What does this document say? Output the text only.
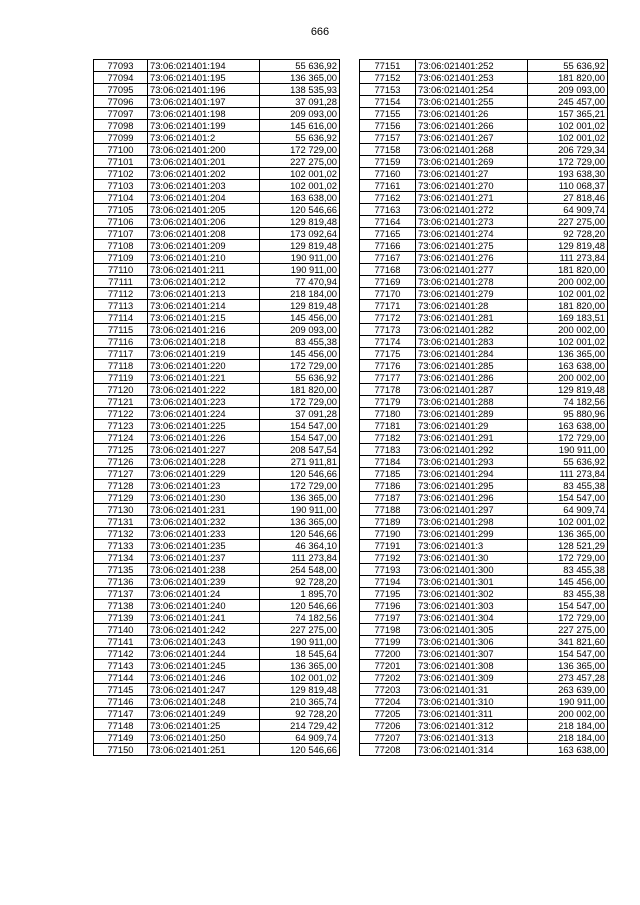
666
77093	73:06:021401:194	55 636,92
77094	73:06:021401:195	136 365,00
77095	73:06:021401:196	138 535,93
77096	73:06:021401:197	37 091,28
77097	73:06:021401:198	209 093,00
77098	73:06:021401:199	145 616,00
77099	73:06:021401:2	55 636,92
77100	73:06:021401:200	172 729,00
77101	73:06:021401:201	227 275,00
77102	73:06:021401:202	102 001,02
77103	73:06:021401:203	102 001,02
77104	73:06:021401:204	163 638,00
77105	73:06:021401:205	120 546,66
77106	73:06:021401:206	129 819,48
77107	73:06:021401:208	173 092,64
77108	73:06:021401:209	129 819,48
77109	73:06:021401:210	190 911,00
77110	73:06:021401:211	190 911,00
77111	73:06:021401:212	77 470,94
77112	73:06:021401:213	218 184,00
77113	73:06:021401:214	129 819,48
77114	73:06:021401:215	145 456,00
77115	73:06:021401:216	209 093,00
77116	73:06:021401:218	83 455,38
77117	73:06:021401:219	145 456,00
77118	73:06:021401:220	172 729,00
77119	73:06:021401:221	55 636,92
77120	73:06:021401:222	181 820,00
77121	73:06:021401:223	172 729,00
77122	73:06:021401:224	37 091,28
77123	73:06:021401:225	154 547,00
77124	73:06:021401:226	154 547,00
77125	73:06:021401:227	208 547,54
77126	73:06:021401:228	271 911,81
77127	73:06:021401:229	120 546,66
77128	73:06:021401:23	172 729,00
77129	73:06:021401:230	136 365,00
77130	73:06:021401:231	190 911,00
77131	73:06:021401:232	136 365,00
77132	73:06:021401:233	120 546,66
77133	73:06:021401:235	46 364,10
77134	73:06:021401:237	111 273,84
77135	73:06:021401:238	254 548,00
77136	73:06:021401:239	92 728,20
77137	73:06:021401:24	1 895,70
77138	73:06:021401:240	120 546,66
77139	73:06:021401:241	74 182,56
77140	73:06:021401:242	227 275,00
77141	73:06:021401:243	190 911,00
77142	73:06:021401:244	18 545,64
77143	73:06:021401:245	136 365,00
77144	73:06:021401:246	102 001,02
77145	73:06:021401:247	129 819,48
77146	73:06:021401:248	210 365,74
77147	73:06:021401:249	92 728,20
77148	73:06:021401:25	214 729,42
77149	73:06:021401:250	64 909,74
77150	73:06:021401:251	120 546,66
77151	73:06:021401:252	55 636,92
77152	73:06:021401:253	181 820,00
77153	73:06:021401:254	209 093,00
77154	73:06:021401:255	245 457,00
77155	73:06:021401:26	157 365,21
77156	73:06:021401:266	102 001,02
77157	73:06:021401:267	102 001,02
77158	73:06:021401:268	206 729,34
77159	73:06:021401:269	172 729,00
77160	73:06:021401:27	193 638,30
77161	73:06:021401:270	110 068,37
77162	73:06:021401:271	27 818,46
77163	73:06:021401:272	64 909,74
77164	73:06:021401:273	227 275,00
77165	73:06:021401:274	92 728,20
77166	73:06:021401:275	129 819,48
77167	73:06:021401:276	111 273,84
77168	73:06:021401:277	181 820,00
77169	73:06:021401:278	200 002,00
77170	73:06:021401:279	102 001,02
77171	73:06:021401:28	181 820,00
77172	73:06:021401:281	169 183,51
77173	73:06:021401:282	200 002,00
77174	73:06:021401:283	102 001,02
77175	73:06:021401:284	136 365,00
77176	73:06:021401:285	163 638,00
77177	73:06:021401:286	200 002,00
77178	73:06:021401:287	129 819,48
77179	73:06:021401:288	74 182,56
77180	73:06:021401:289	95 880,96
77181	73:06:021401:29	163 638,00
77182	73:06:021401:291	172 729,00
77183	73:06:021401:292	190 911,00
77184	73:06:021401:293	55 636,92
77185	73:06:021401:294	111 273,84
77186	73:06:021401:295	83 455,38
77187	73:06:021401:296	154 547,00
77188	73:06:021401:297	64 909,74
77189	73:06:021401:298	102 001,02
77190	73:06:021401:299	136 365,00
77191	73:06:021401:3	128 521,29
77192	73:06:021401:30	172 729,00
77193	73:06:021401:300	83 455,38
77194	73:06:021401:301	145 456,00
77195	73:06:021401:302	83 455,38
77196	73:06:021401:303	154 547,00
77197	73:06:021401:304	172 729,00
77198	73:06:021401:305	227 275,00
77199	73:06:021401:306	341 821,60
77200	73:06:021401:307	154 547,00
77201	73:06:021401:308	136 365,00
77202	73:06:021401:309	273 457,28
77203	73:06:021401:31	263 639,00
77204	73:06:021401:310	190 911,00
77205	73:06:021401:311	200 002,00
77206	73:06:021401:312	218 184,00
77207	73:06:021401:313	218 184,00
77208	73:06:021401:314	163 638,00
